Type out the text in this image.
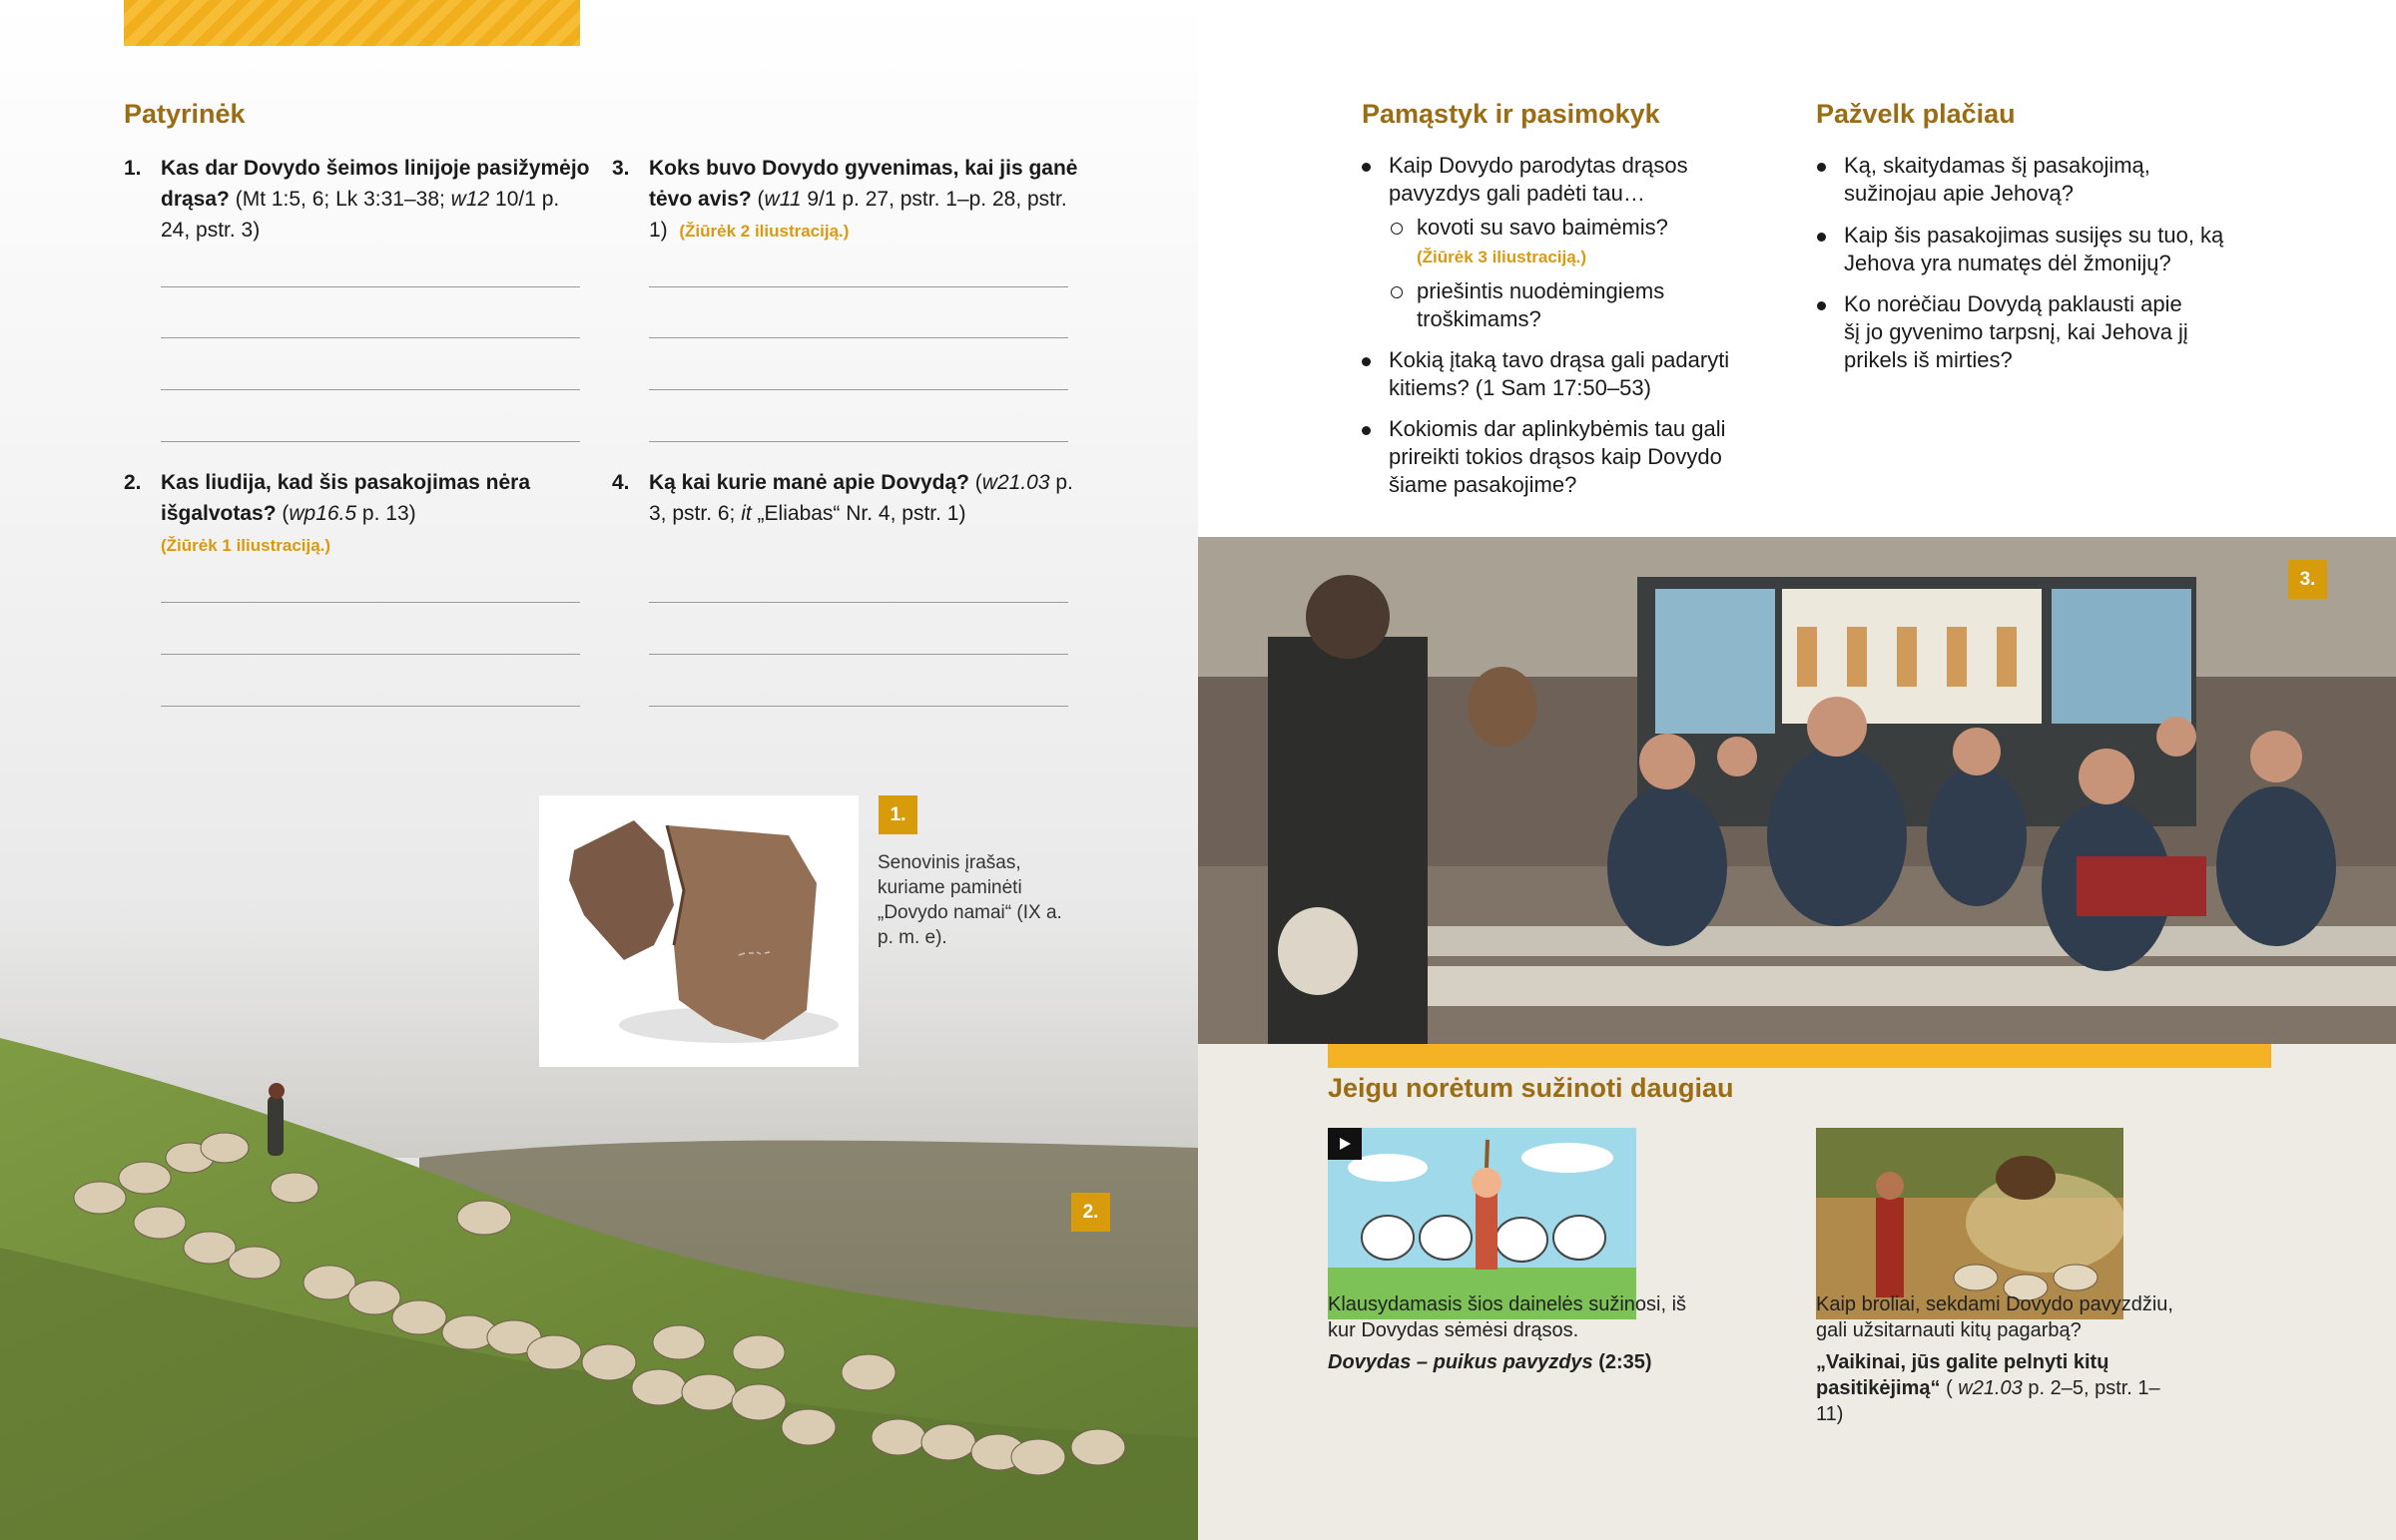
Patyrinėk
1. Kas dar Dovydo šeimos linijoje pasižymėjo drąsa? (Mt 1:5, 6; Lk 3:31–38; w12 10/1 p. 24, pstr. 3)
3. Koks buvo Dovydo gyvenimas, kai jis ganė tėvo avis? (w11 9/1 p. 27, pstr. 1–p. 28, pstr. 1) (Žiūrėk 2 iliustraciją.)
2. Kas liudija, kad šis pasakojimas nėra išgalvotas? (wp16.5 p. 13)
(Žiūrėk 1 iliustraciją.)
4. Ką kai kurie manė apie Dovydą? (w21.03 p. 3, pstr. 6; it „Eliabas“ Nr. 4, pstr. 1)
1.
Senovinis įrašas, kuriame paminėti „Dovydo namai“ (IX a. p. m. e).
2.
Pamąstyk ir pasimokyk
Kaip Dovydo parodytas drąsos pavyzdys gali padėti tau…
kovoti su savo baimėmis?
(Žiūrėk 3 iliustraciją.)
priešintis nuodėmingiems troškimams?
Kokią įtaką tavo drąsa gali padaryti kitiems? (1 Sam 17:50–53)
Kokiomis dar aplinkybėmis tau gali prireikti tokios drąsos kaip Dovydo šiame pasakojime?
Pažvelk plačiau
Ką, skaitydamas šį pasakojimą, sužinojau apie Jehovą?
Kaip šis pasakojimas susijęs su tuo, ką Jehova yra numatęs dėl žmonijų?
Ko norėčiau Dovydą paklausti apie šį jo gyvenimo tarpsnį, kai Jehova jį prikels iš mirties?
3.
Jeigu norėtum sužinoti daugiau
Klausydamasis šios dainelės sužinosi, iš kur Dovydas sėmėsi drąsos.
Dovydas – puikus pavyzdys (2:35)
Kaip broliai, sekdami Dovydo pavyzdžiu, gali užsitarnauti kitų pagarbą?
„Vaikinai, jūs galite pelnyti kitų pasitikėjimą“ ( w21.03 p. 2–5, pstr. 1–11)
